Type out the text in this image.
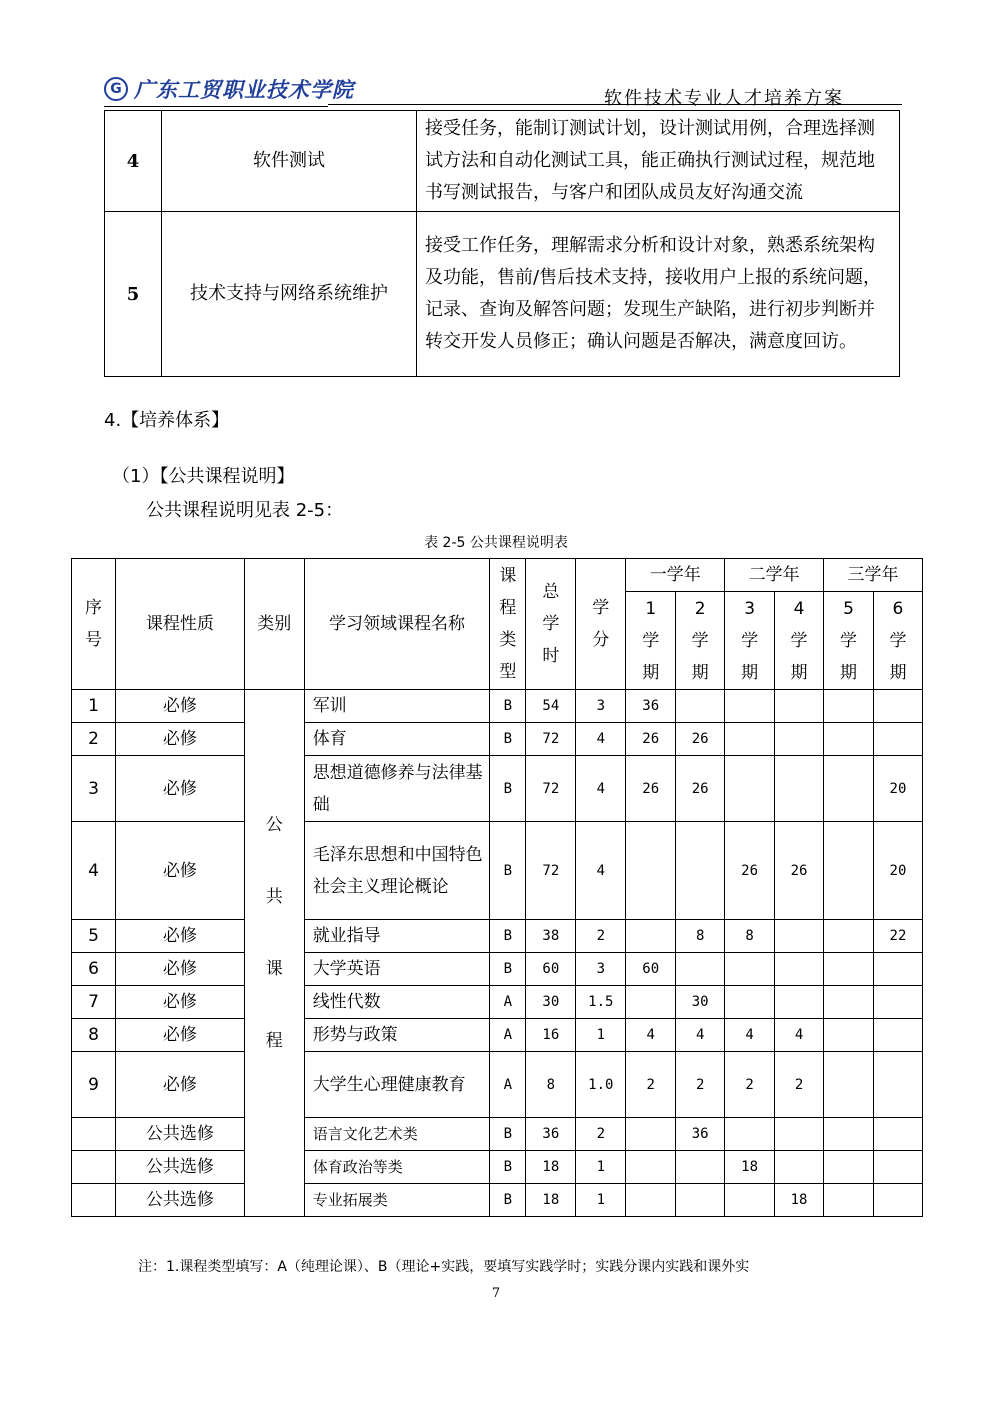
G 广东工贸职业技术学院	软件技术专业人才培养方案
4	软件测试	接受任务，能制订测试计划，设计测试用例，合理选择测试方法和自动化测试工具，能正确执行测试过程，规范地书写测试报告，与客户和团队成员友好沟通交流
5	技术支持与网络系统维护	接受工作任务，理解需求分析和设计对象，熟悉系统架构及功能，售前/售后技术支持，接收用户上报的系统问题，记录、查询及解答问题；发现生产缺陷，进行初步判断并转交开发人员修正；确认问题是否解决，满意度回访。
4.【培养体系】
（1）【公共课程说明】
公共课程说明见表 2-5：
表 2-5 公共课程说明表
序号	课程性质	类别	学习领域课程名称	课程类型	总学时	学分	一学年		二学年		三学年	

							1学期	2学期	3学期	4学期	5学期	6学期

1	必修	公共课程	军训	B	54	3	36					
2	必修		体育	B	72	4	26	26				
3	必修		思想道德修养与法律基础	B	72	4	26	26				20
4	必修		毛泽东思想和中国特色社会主义理论概论	B	72	4			26	26		20
5	必修		就业指导	B	38	2		8	8			22
6	必修		大学英语	B	60	3	60					
7	必修		线性代数	A	30	1.5		30				
8	必修		形势与政策	A	16	1	4	4	4	4		
9	必修		大学生心理健康教育	A	8	1.0	2	2	2	2		
	公共选修		语言文化艺术类	B	36	2		36				
	公共选修		体育政治等类	B	18	1			18			
	公共选修		专业拓展类	B	18	1				18		
注：1.课程类型填写：A（纯理论课）、B（理论+实践，要填写实践学时；实践分课内实践和课外实
7
